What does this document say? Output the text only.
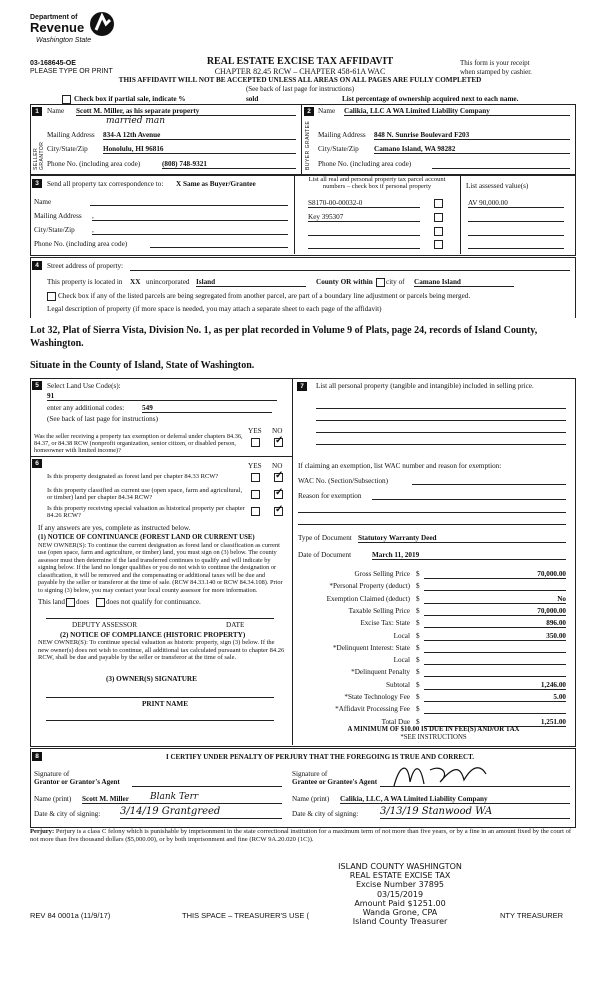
Department of
Revenue
Washington State
03-168645-OE
PLEASE TYPE OR PRINT
REAL ESTATE EXCISE TAX AFFIDAVIT
CHAPTER 82.45 RCW – CHAPTER 458-61A WAC
THIS AFFIDAVIT WILL NOT BE ACCEPTED UNLESS ALL AREAS ON ALL PAGES ARE FULLY COMPLETED
(See back of last page for instructions)
This form is your receipt
when stamped by cashier.
Check box if partial sale, indicate %	sold	List percentage of ownership acquired next to each name.
1
SELLER GRANTOR
Name Scott M. Miller, as his separate property
married man
Mailing Address 834-A 12th Avenue
City/State/Zip Honolulu, HI 96816
Phone No. (including area code)	(808) 748-9321
2
BUYER GRANTEE
Name Calikia, LLC A WA Limited Liability Company
Mailing Address 848 N. Sunrise Boulevard F203
City/State/Zip Camano Island, WA 98282
Phone No. (including area code)
3	Send all property tax correspondence to: X Same as Buyer/Grantee
Name
Mailing Address ,
City/State/Zip ,
Phone No. (including area code)
List all real and personal property tax parcel account numbers – check box if personal property	List assessed value(s)
S8170-00-00032-0	AV 90,000.00
Key 395307
4	Street address of property:
This property is located in XX unincorporated Island	County OR within city of Camano Island
Check box if any of the listed parcels are being segregated from another parcel, are part of a boundary line adjustment or parcels being merged.
Legal description of property (if more space is needed, you may attach a separate sheet to each page of the affidavit)
Lot 32, Plat of Sierra Vista, Division No. 1, as per plat recorded in Volume 9 of Plats, page 24, records of Island County, Washington.
Situate in the County of Island, State of Washington.
5	Select Land Use Code(s):
91
enter any additional codes: 549
(See back of last page for instructions)
YES NO
Was the seller receiving a property tax exemption or deferral under chapters 84.36, 84.37, or 84.38 RCW (nonprofit organization, senior citizen, or disabled person, homeowner with limited income)?
✓
6	YES NO
Is this property designated as forest land per chapter 84.33 RCW?
✓
Is this property classified as current use (open space, farm and agricultural, or timber) land per chapter 84.34 RCW?
✓
Is this property receiving special valuation as historical property per chapter 84.26 RCW?
✓
If any answers are yes, complete as instructed below.
(1) NOTICE OF CONTINUANCE (FOREST LAND OR CURRENT USE)
NEW OWNER(S): To continue the current designation as forest land or classification as current use (open space, farm and agriculture, or timber) land, you must sign on (3) below. The county assessor must then determine if the land transferred continues to qualify and will indicate by signing below. If the land no longer qualifies or you do not wish to continue the designation or classification, it will be removed and the compensating or additional taxes will be due and payable by the seller or transferor at the time of sale. (RCW 84.33.140 or RCW 84.34.108). Prior to signing (3) below, you may contact your local county assessor for more information.
This land does does not qualify for continuance.
DEPUTY ASSESSOR	DATE
(2) NOTICE OF COMPLIANCE (HISTORIC PROPERTY)
NEW OWNER(S): To continue special valuation as historic property, sign (3) below. If the new owner(s) does not wish to continue, all additional tax calculated pursuant to chapter 84.26 RCW, shall be due and payable by the seller or transferor at the time of sale.
(3) OWNER(S) SIGNATURE
PRINT NAME
7	List all personal property (tangible and intangible) included in selling price.
If claiming an exemption, list WAC number and reason for exemption:
WAC No. (Section/Subsection)
Reason for exemption
Type of Document Statutory Warranty Deed
Date of Document	March 11, 2019
Gross Selling Price $	70,000.00
*Personal Property (deduct) $
Exemption Claimed (deduct) $	No
Taxable Selling Price $	70,000.00
Excise Tax: State $	896.00
Local $	350.00
*Delinquent Interest: State $
Local $
*Delinquent Penalty $
Subtotal $	1,246.00
*State Technology Fee $	5.00
*Affidavit Processing Fee $
Total Due $	1,251.00
A MINIMUM OF $10.00 IS DUE IN FEE(S) AND/OR TAX
*SEE INSTRUCTIONS
8	I CERTIFY UNDER PENALTY OF PERJURY THAT THE FOREGOING IS TRUE AND CORRECT.
Signature of
Grantor or Grantor's Agent
Name (print) Scott M. Miller	Blank Terr
Date & city of signing: 3/14/19 Grantgreed
Signature of
Grantee or Grantee's Agent
Name (print) Calikia, LLC, A WA Limited Liability Company
Date & city of signing: 3/13/19 Stanwood WA
Perjury: Perjury is a class C felony which is punishable by imprisonment in the state correctional institution for a maximum term of not more than five years, or by a fine in an amount fixed by the court of not more than five thousand dollars ($5,000.00), or by both imprisonment and fine (RCW 9A.20.020 (1C)).
ISLAND COUNTY WASHINGTON
REAL ESTATE EXCISE TAX
Excise Number 37895
03/15/2019
Amount Paid $1251.00
Wanda Grone, CPA
Island County Treasurer
REV 84 0001a (11/9/17)	THIS SPACE – TREASURER'S USE (	NTY TREASURER
